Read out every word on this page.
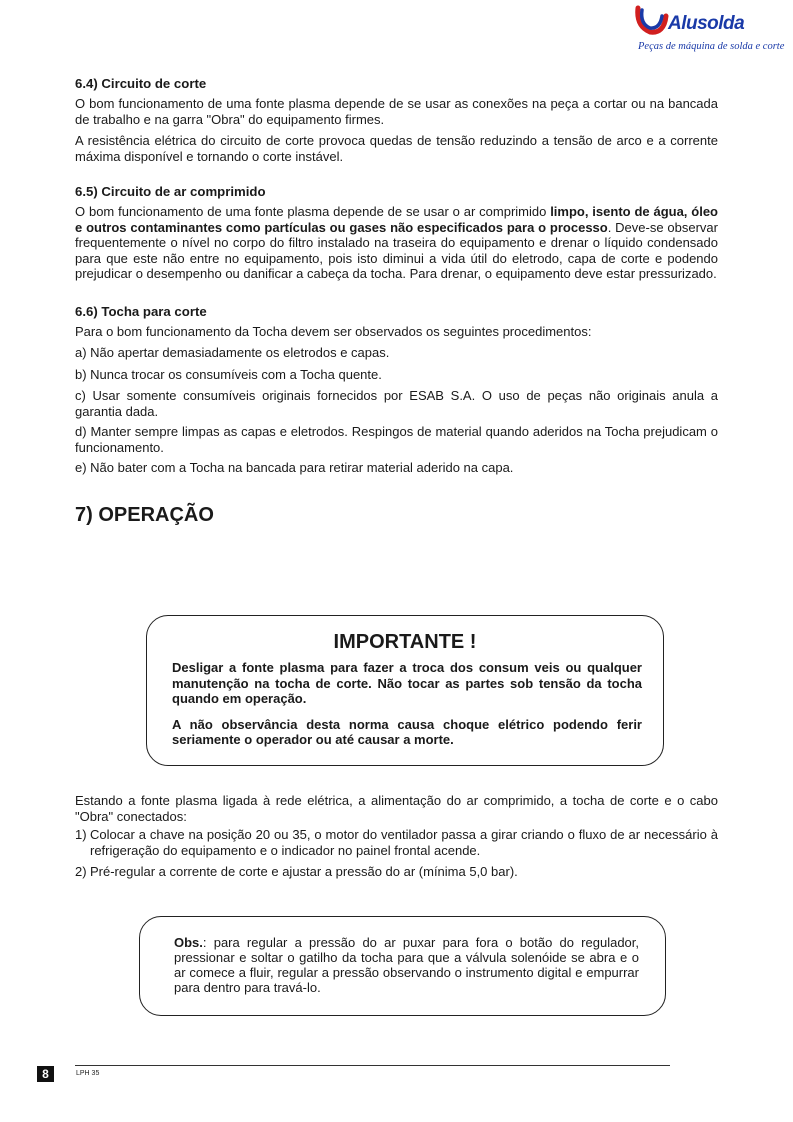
Alusolda
Peças de máquina de solda e corte
6.4) Circuito de corte

O bom funcionamento de uma fonte plasma depende de se usar as conexões na peça a cortar ou na bancada de trabalho e na garra "Obra" do equipamento firmes.

A resistência elétrica do circuito de corte provoca quedas de tensão reduzindo a tensão de arco e a corrente máxima disponível e tornando o corte instável.

6.5) Circuito de ar comprimido

O bom funcionamento de uma fonte plasma depende de se usar o ar comprimido limpo, isento de água, óleo e outros contaminantes como partículas ou gases não especificados para o processo. Deve-se observar frequentemente o nível no corpo do filtro instalado na traseira do equipamento e drenar o líquido condensado para que este não entre no equipamento, pois isto diminui a vida útil do eletrodo, capa de corte e podendo prejudicar o desempenho ou danificar a cabeça da tocha. Para drenar, o equipamento deve estar pressurizado.

6.6) Tocha para corte

Para o bom funcionamento da Tocha devem ser observados os seguintes procedimentos:

a) Não apertar demasiadamente os eletrodos e capas.

b) Nunca trocar os consumíveis com a Tocha quente.

c) Usar somente consumíveis originais fornecidos por ESAB S.A. O uso de peças não originais anula a garantia dada.

d) Manter sempre limpas as capas e eletrodos. Respingos de material quando aderidos na Tocha prejudicam o funcionamento.

e) Não bater com a Tocha na bancada para retirar material aderido na capa.

7) OPERAÇÃO
IMPORTANTE !
Desligar a fonte plasma para fazer a troca dos consum veis ou qualquer manutenção na tocha de corte. Não tocar as partes sob tensão da tocha quando em operação.
A não observância desta norma causa choque elétrico podendo ferir seriamente o operador ou até causar a morte.

Estando a fonte plasma ligada à rede elétrica, a alimentação do ar comprimido, a tocha de corte e o cabo "Obra" conectados:

1) Colocar a chave na posição 20 ou 35, o motor do ventilador passa a girar criando o fluxo de ar necessário à refrigeração do equipamento e o indicador no painel frontal acende.
2) Pré-regular a corrente de corte e ajustar a pressão do ar (mínima 5,0 bar).

Obs.: para regular a pressão do ar puxar para fora o botão do regulador, pressionar e soltar o gatilho da tocha para que a válvula solenóide se abra e o ar comece a fluir, regular a pressão observando o instrumento digital e empurrar para dentro para travá-lo.

8	LPH 35
